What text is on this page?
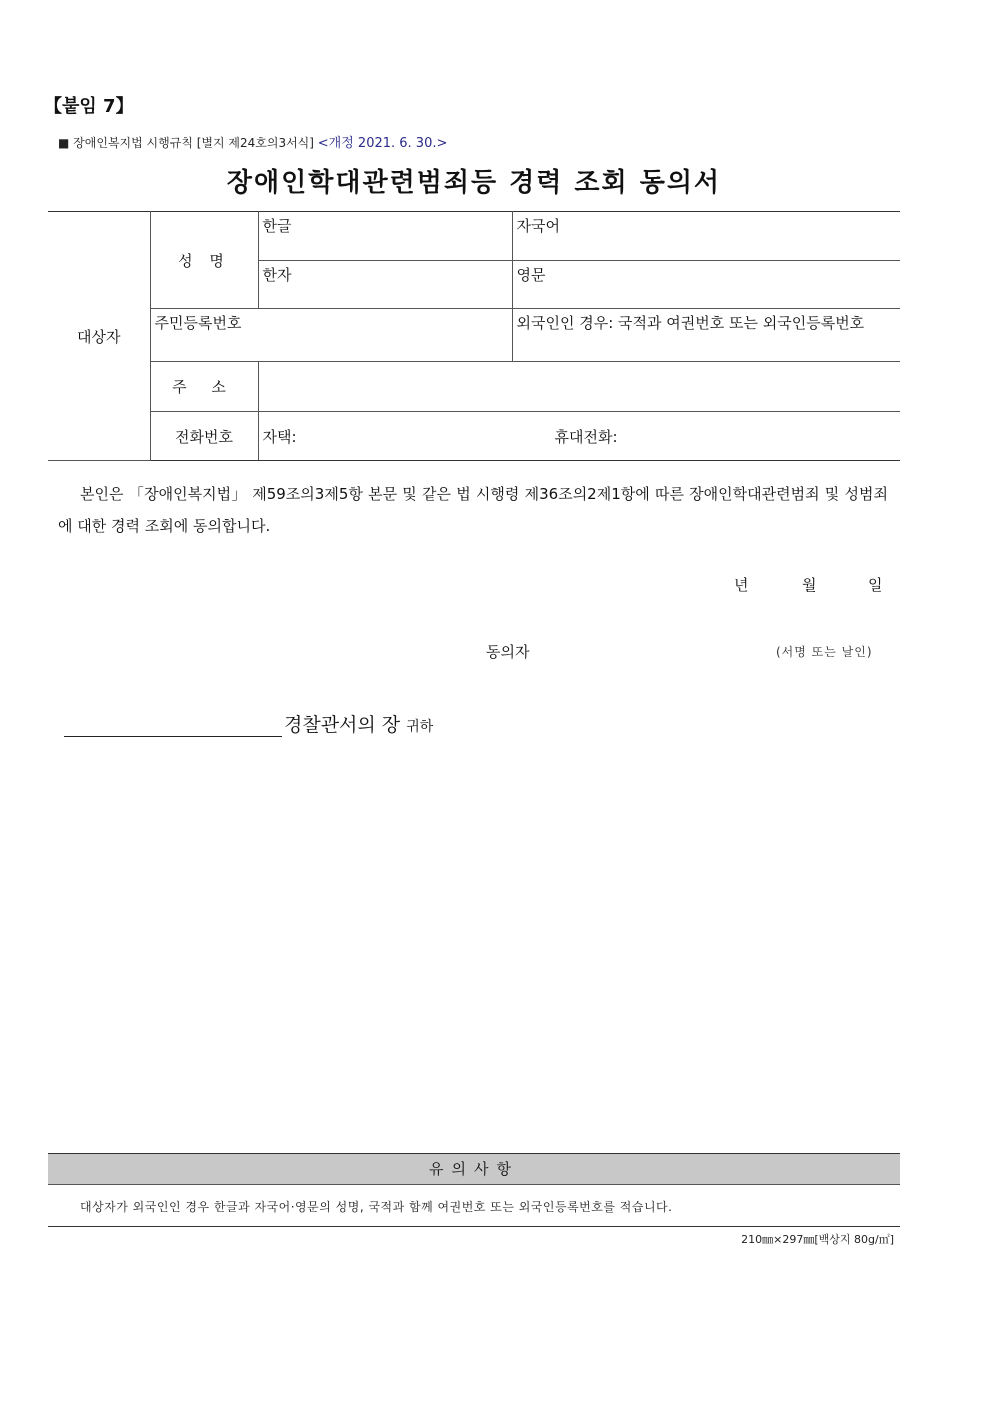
【붙임 7】
■ 장애인복지법 시행규칙 [별지 제24호의3서식] <개정 2021. 6. 30.>
장애인학대관련범죄등 경력 조회 동의서
대상자	성 명	한글	자국어
		한자	영문
	주민등록번호		외국인인 경우: 국적과 여권번호 또는 외국인등록번호
	주 소		
	전화번호	자택: 휴대전화:	
본인은 「장애인복지법」 제59조의3제5항 본문 및 같은 법 시행령 제36조의2제1항에 따른 장애인학대관련범죄 및 성범죄에 대한 경력 조회에 동의합니다.
년	월	일
동의자	(서명 또는 날인)
경찰관서의 장 귀하
유의사항
대상자가 외국인인 경우 한글과 자국어·영문의 성명, 국적과 함께 여권번호 또는 외국인등록번호를 적습니다.
210㎜×297㎜[백상지 80g/㎡]
